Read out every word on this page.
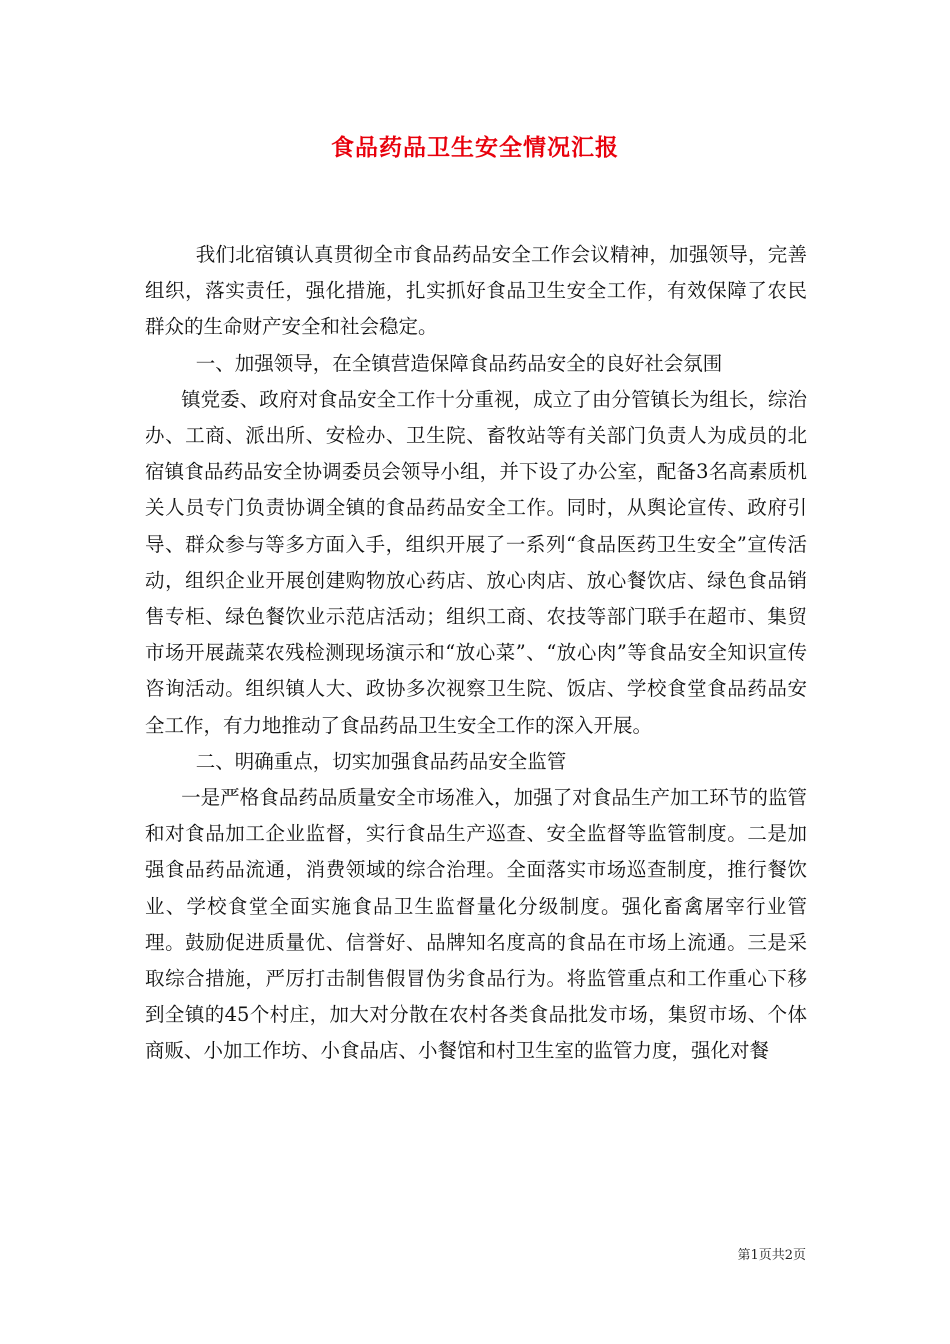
食品药品卫生安全情况汇报

我们北宿镇认真贯彻全市食品药品安全工作会议精神，加强领导，完善组织，落实责任，强化措施，扎实抓好食品卫生安全工作，有效保障了农民群众的生命财产安全和社会稳定。

一、加强领导，在全镇营造保障食品药品安全的良好社会氛围

镇党委、政府对食品安全工作十分重视，成立了由分管镇长为组长，综治办、工商、派出所、安检办、卫生院、畜牧站等有关部门负责人为成员的北宿镇食品药品安全协调委员会领导小组，并下设了办公室，配备3名高素质机关人员专门负责协调全镇的食品药品安全工作。同时，从舆论宣传、政府引导、群众参与等多方面入手，组织开展了一系列“食品医药卫生安全”宣传活动，组织企业开展创建购物放心药店、放心肉店、放心餐饮店、绿色食品销售专柜、绿色餐饮业示范店活动；组织工商、农技等部门联手在超市、集贸市场开展蔬菜农残检测现场演示和“放心菜”、“放心肉”等食品安全知识宣传咨询活动。组织镇人大、政协多次视察卫生院、饭店、学校食堂食品药品安全工作，有力地推动了食品药品卫生安全工作的深入开展。

二、明确重点，切实加强食品药品安全监管

一是严格食品药品质量安全市场准入，加强了对食品生产加工环节的监管和对食品加工企业监督，实行食品生产巡查、安全监督等监管制度。二是加强食品药品流通，消费领域的综合治理。全面落实市场巡查制度，推行餐饮业、学校食堂全面实施食品卫生监督量化分级制度。强化畜禽屠宰行业管理。鼓励促进质量优、信誉好、品牌知名度高的食品在市场上流通。三是采取综合措施，严厉打击制售假冒伪劣食品行为。将监管重点和工作重心下移到全镇的45个村庄，加大对分散在农村各类食品批发市场，集贸市场、个体商贩、小加工作坊、小食品店、小餐馆和村卫生室的监管力度，强化对餐

第1页共2页
